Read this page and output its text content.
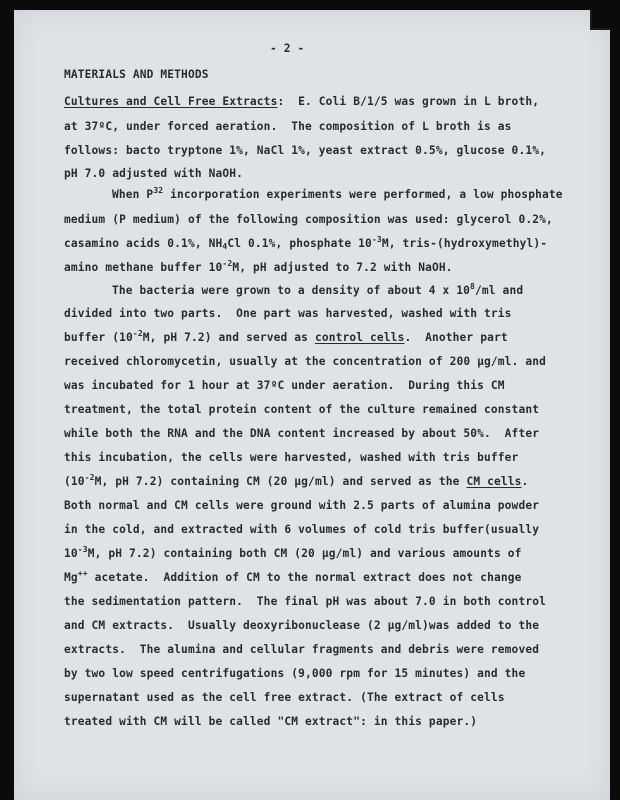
- 2 -

MATERIALS AND METHODS

Cultures and Cell Free Extracts:  E. Coli B/1/5 was grown in L broth,

at 37ºC, under forced aeration.  The composition of L broth is as

follows: bacto tryptone 1%, NaCl 1%, yeast extract 0.5%, glucose 0.1%,

pH 7.0 adjusted with NaOH.

When $P^{32}$ incorporation experiments were performed, a low phosphate

medium (P medium) of the following composition was used: glycerol 0.2%,

casamino acids 0.1%, $NH_4Cl$ 0.1%, phosphate $10^{-3}M$, tris-(hydroxymethyl)-

amino methane buffer $10^{-2}M$, pH adjusted to 7.2 with NaOH.

The bacteria were grown to a density of about 4 x $10^8/ml$ and

divided into two parts.  One part was harvested, washed with tris

buffer ($10^{-2}M$, pH 7.2) and served as control cells.  Another part

received chloromycetin, usually at the concentration of 200 µg/ml. and

was incubated for 1 hour at 37ºC under aeration.  During this CM

treatment, the total protein content of the culture remained constant

while both the RNA and the DNA content increased by about 50%.  After

this incubation, the cells were harvested, washed with tris buffer

($10^{-2}M$, pH 7.2) containing CM (20 µg/ml) and served as the CM cells.

Both normal and CM cells were ground with 2.5 parts of alumina powder

in the cold, and extracted with 6 volumes of cold tris buffer(usually

$10^{-3}M$, pH 7.2) containing both CM (20 µg/ml) and various amounts of

Mg++ acetate.  Addition of CM to the normal extract does not change

the sedimentation pattern.  The final pH was about 7.0 in both control

and CM extracts.  Usually deoxyribonuclease (2 µg/ml)was added to the

extracts.  The alumina and cellular fragments and debris were removed

by two low speed centrifugations (9,000 rpm for 15 minutes) and the

supernatant used as the cell free extract. (The extract of cells

treated with CM will be called "CM extract": in this paper.)
